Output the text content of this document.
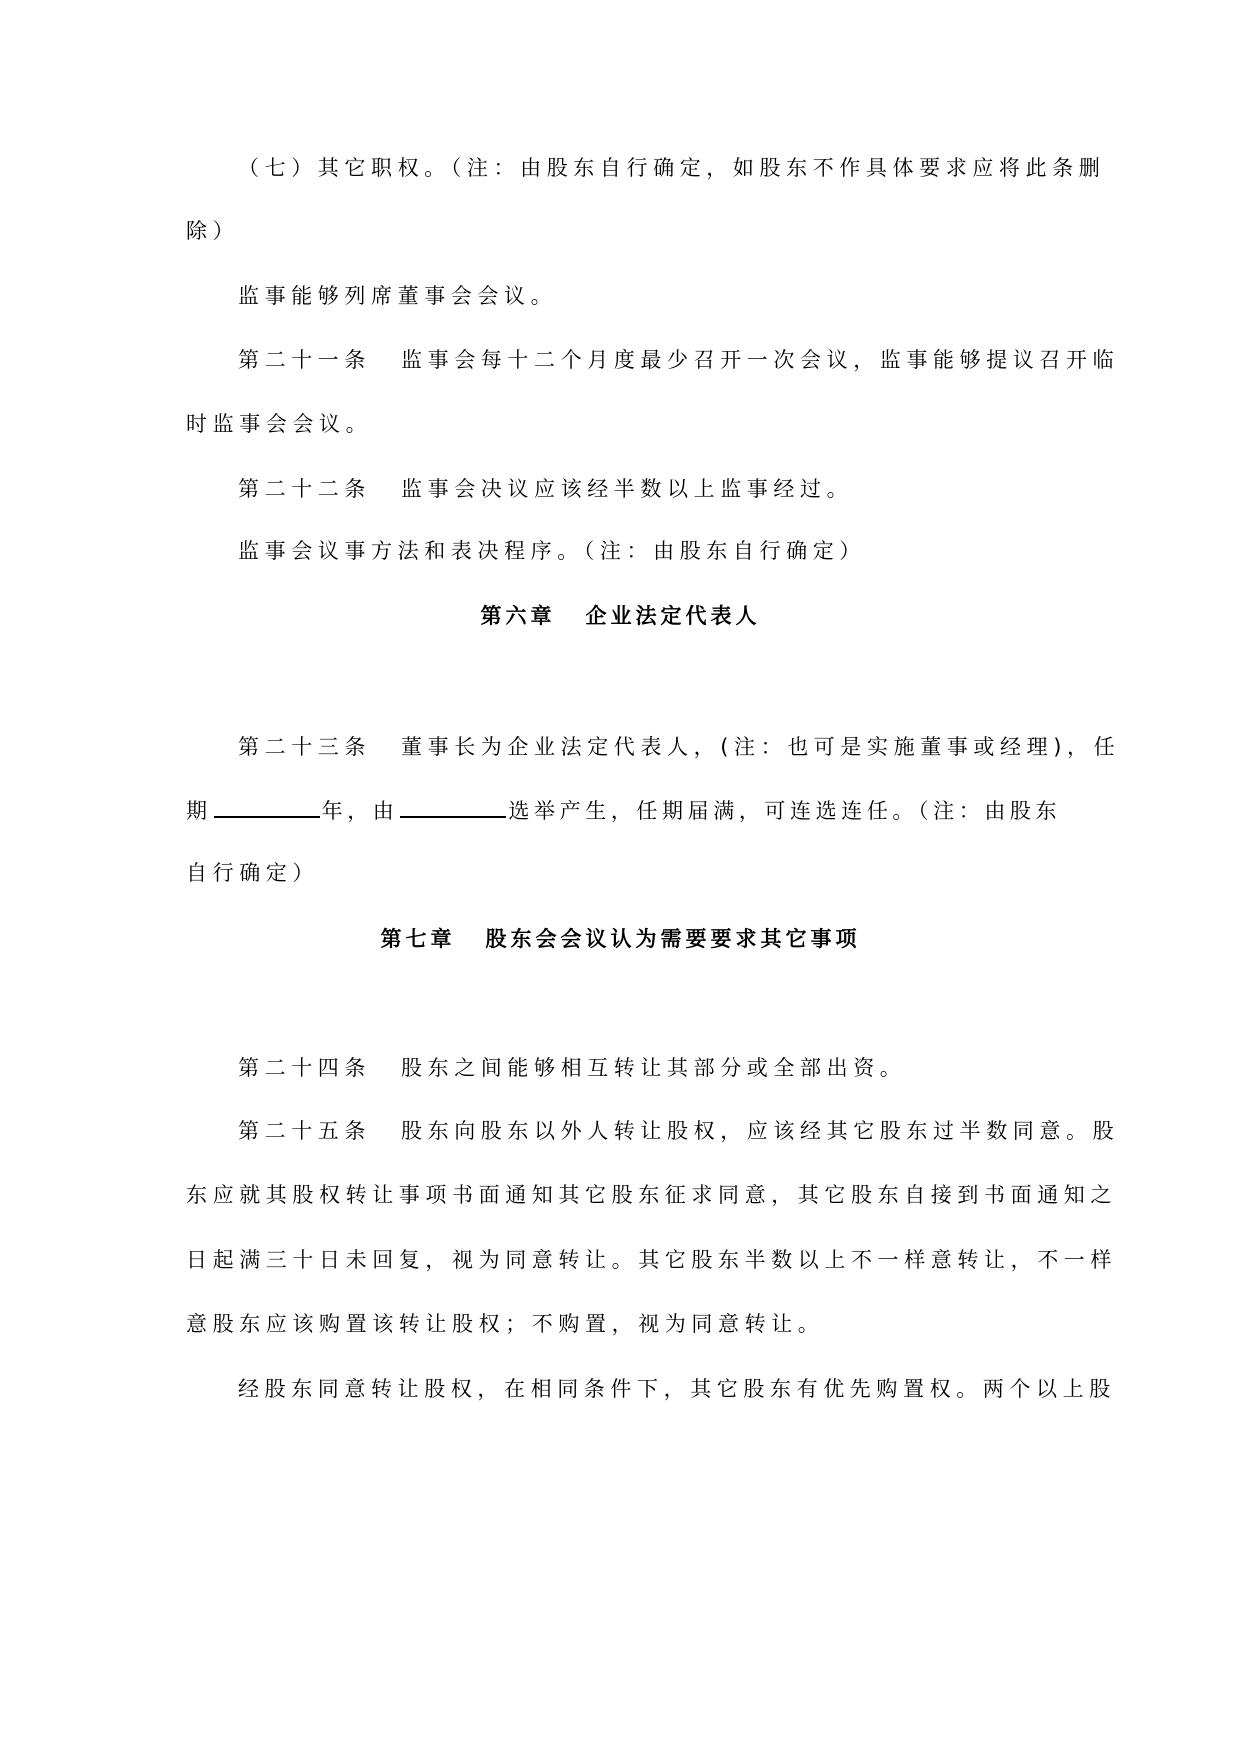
（七）其它职权。（注：由股东自行确定，如股东不作具体要求应将此条删
除）
监事能够列席董事会会议。
第二十一条 监事会每十二个月度最少召开一次会议，监事能够提议召开临
时监事会会议。
第二十二条 监事会决议应该经半数以上监事经过。
监事会议事方法和表决程序。（注：由股东自行确定）
第六章 企业法定代表人
第二十三条 董事长为企业法定代表人，(注：也可是实施董事或经理)，任
期	年，由	选举产生，任期届满，可连选连任。（注：由股东
自行确定）
第七章 股东会会议认为需要要求其它事项
第二十四条 股东之间能够相互转让其部分或全部出资。
第二十五条 股东向股东以外人转让股权，应该经其它股东过半数同意。股
东应就其股权转让事项书面通知其它股东征求同意，其它股东自接到书面通知之
日起满三十日未回复，视为同意转让。其它股东半数以上不一样意转让，不一样
意股东应该购置该转让股权；不购置，视为同意转让。
经股东同意转让股权，在相同条件下，其它股东有优先购置权。两个以上股
